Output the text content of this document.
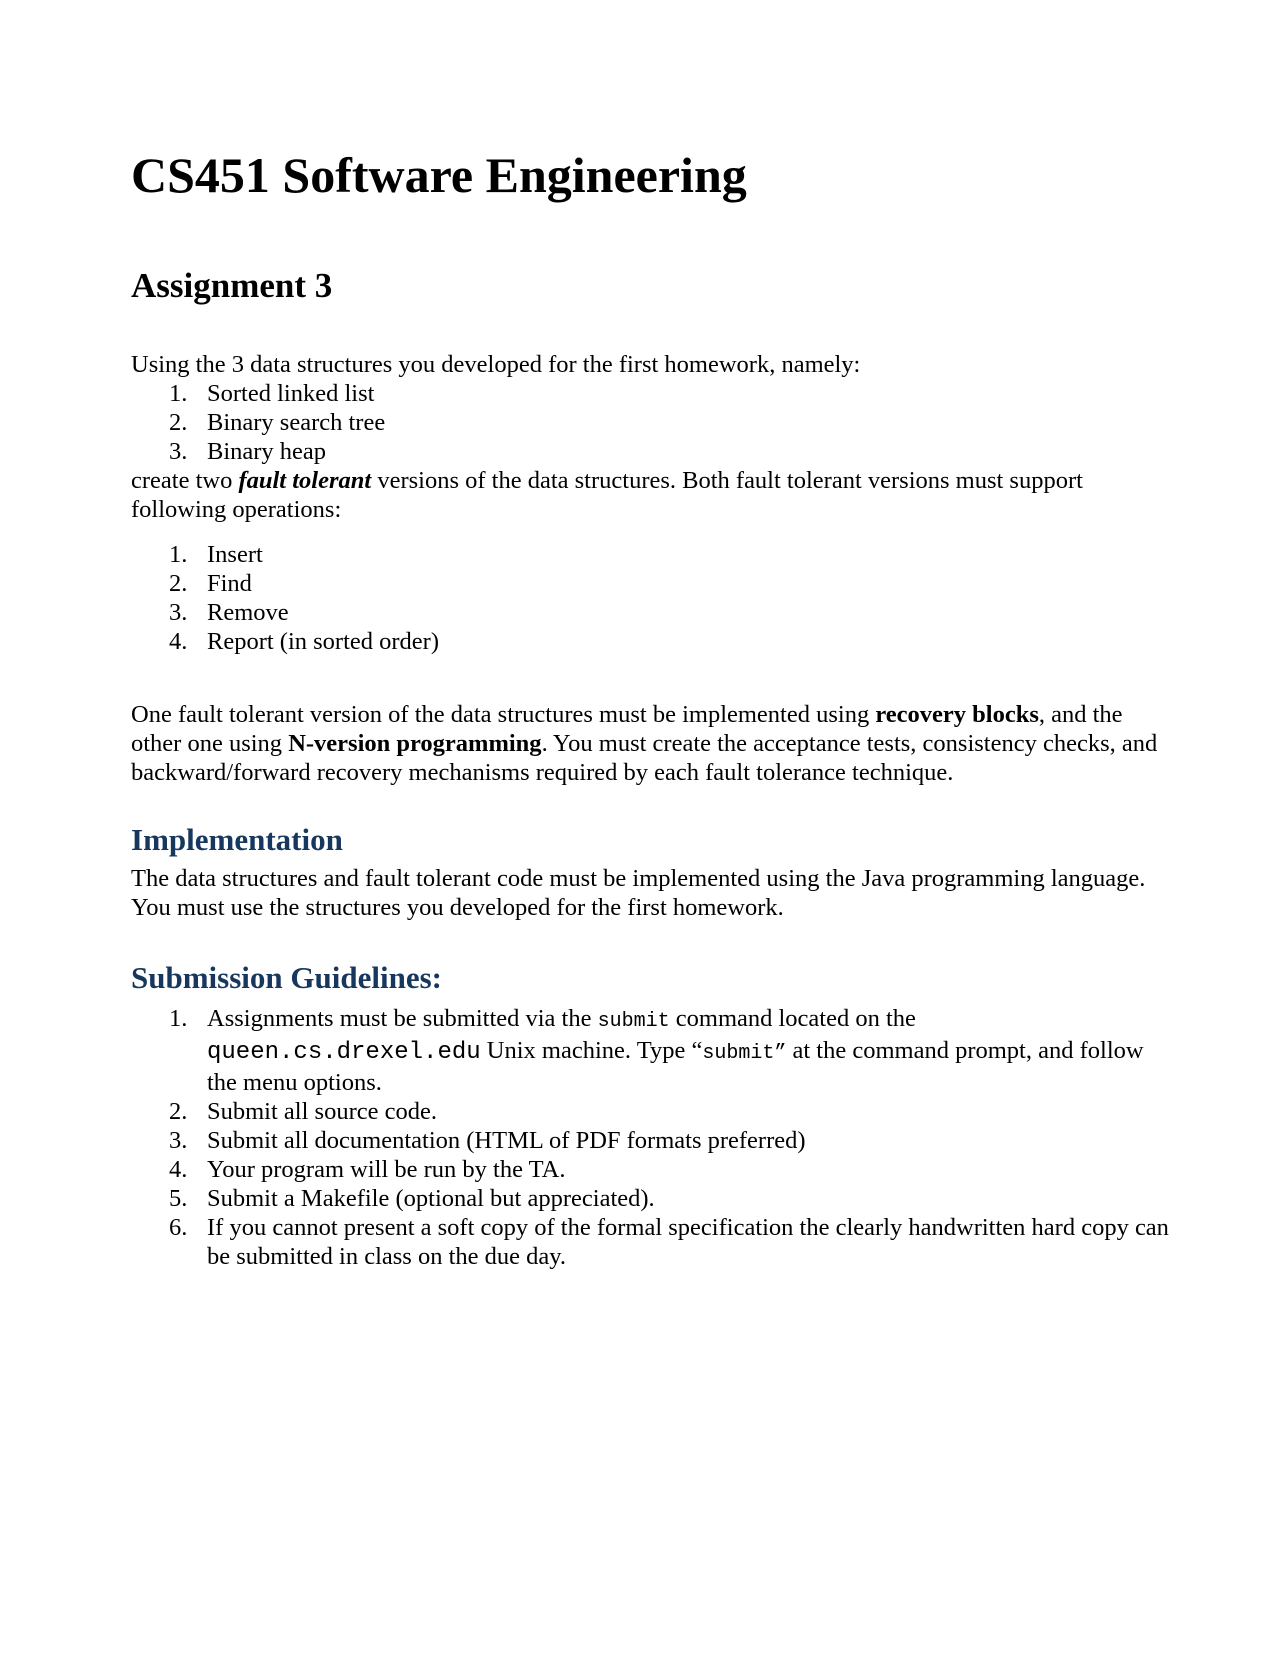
CS451 Software Engineering
Assignment 3

Using the 3 data structures you developed for the first homework, namely:

1. Sorted linked list
2. Binary search tree
3. Binary heap

create two fault tolerant versions of the data structures. Both fault tolerant versions must support following operations:

1. Insert
2. Find
3. Remove
4. Report (in sorted order)

One fault tolerant version of the data structures must be implemented using recovery blocks, and the other one using N-version programming. You must create the acceptance tests, consistency checks, and backward/forward recovery mechanisms required by each fault tolerance technique.

Implementation

The data structures and fault tolerant code must be implemented using the Java programming language. You must use the structures you developed for the first homework.

Submission Guidelines:
1. Assignments must be submitted via the submit command located on the queen.cs.drexel.edu Unix machine. Type “submit” at the command prompt, and follow the menu options.
2. Submit all source code.
3. Submit all documentation (HTML of PDF formats preferred)
4. Your program will be run by the TA.
5. Submit a Makefile (optional but appreciated).
6. If you cannot present a soft copy of the formal specification the clearly handwritten hard copy can be submitted in class on the due day.
